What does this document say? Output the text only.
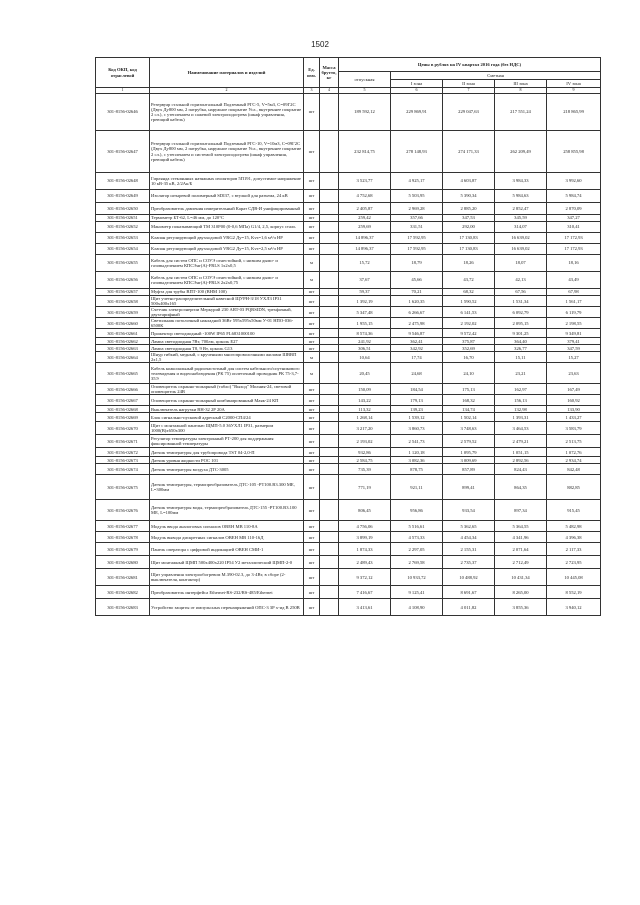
1502
Код ОКП, код отраслевой	Наименование материалов и изделий	Ед. изм.	Масса брутто, кг	Цены в рублях на IV квартал 2016 года (без НДС)				
				отпускная	Сметная			
					I зона	II зона	III зона	IV зона
1	2	3	4	5	6	7	8	9
301-8156-02646	Резервуар стальной горизонтальный Подземный РГС-5, V=5м3, С=09Г2С (Двух Ду800 мм, 2 патрубка, наружное покрытие Усл., внутреннее покрытие 2 сл.), с утеплением и сажевой электроподогрева (шкаф управления, греющий кабель)	шт		189 592,12	229 869,91	229 047,63	217 551,24	218 865,99
301-8156-02647	Резервуар стальной горизонтальный Подземный РГС-10, V=10м3, С=09Г2С (Двух Ду800 мм, 2 патрубка, наружное покрытие Усл., внутреннее покрытие 2 сл.), с утеплением и системой электроподогрева (шкаф управления, греющий кабель)	шт		232 814,75	278 148,93	274 171,33	262 209,49	258 855,98
301-8156-02648	Гирлянда стеклянных натяжных изоляторов 5П191, допустимое напряжение 10 кВ-35 кВ, 2/2Ак/Б	шт		3 523,77	4 925,17	4 603,87	3 984,33	3 992,60
301-8156-02649	Изолятор штыревой полимерный SDI37, с втулкой для разъема, 24 кВ	шт		4 752,68	5 503,95	5 390,34	5 984,63	5 984,74
301-8156-02650	Преобразователь давления измерительный Карат СДВ-И унифицированный	шт		2 405,87	2 969,28	2 885,20	2 852,47	2 870,09
301-8156-02651	Термометр БТ-62, L=46 мм, до 120°С	шт		259,42	357,66	347,53	345,59	347,27
301-8156-02652	Манометр показывающий ТМ 310Р00 (0-0,6 МПа) G1/4, 2,5, корпус сталь	шт		259,69	331,51	292,00	314,07	310,41
301-8156-02653	Клапан регулирующий двухходовой VRG2 Ду=15, Kvs=1,6 м³/ч НР	шт		14 896,37	17 592,95	17 130,83	16 639,02	17 172,93
301-8156-02654	Клапан регулирующий двухходовой VRG2 Ду=15, Kvs=2,5 м³/ч НР	шт		14 896,37	17 592,95	17 130,83	16 639,02	17 172,93
301-8156-02655	Кабель для систем ОПС и СОУЭ огнестойкий, с низким дымо- и газовыделением КПСЭнг(А)-FRLS 1х2х0,5	м		15,72	18,79	18,26	18,07	18,16
301-8156-02656	Кабель для систем ОПС и СОУЭ огнестойкий, с низким дымо- и газовыделением КПСЭнг(А)-FRLS 2х2х0,75	м		37,67	45,66	43,72	42,13	43,49
301-8156-02657	Муфта для трубы ВПТ-100 (ВНМ 100)	шт		59,37	70,21	68,32	67,56	67,98
301-8156-02658	Щит учетно-распределительный навесной ЩУРН-3/18 УХЛ3 IP31 500х400х165	шт		1 392,19	1 620,35	1 590,52	1 531,34	1 561,17
301-8156-02659	Счетчик электроэнергии Меркурий 230 ART-03 PQRSIDN, трехфазный, двухтарифный	шт		5 347,48	6 266,67	6 141,53	6 092,79	6 119,79
301-8156-02660	Светильник потолочный накладной 36Вт 595х595х50мм У-01 НПО-036-6500К	шт		1 955,15	2 475,98	2 192,02	2 095,15	2 198,55
301-8156-02661	Прожектор светодиодный -100W IP65 FL6831000100	шт		8 574,36	9 546,87	9 572,42	9 301,25	9 349,81
301-8156-02662	Лампа светодиодная 7Вт, 700лм, цоколь E27	шт		241,92	362,41	375,87	364,40	379,41
301-8156-02663	Лампа светодиодная T8, 9 Вт, цоколь G13	шт		306,51	342,92	352,69	326,77	347,59
301-8156-02664	Шнур гибкий, медный, с кручеными многопроволочными жилами ШВВП 2х1,5	м		10,64	17,74	16,70	15,11	15,27
301-8156-02665	Кабель коаксиальный радиочастотный для систем кабельного/спутникового телевидения и видеонаблюдения (РК 75) оплеточный проводник РК 75-3,7-35Э	м		20,45	24,68	24,10	23,21	23,63
301-8156-02666	Оповещатель охранно-пожарный (табло) "Выход" Молния-24, световой оповещатель 24В	шт		150,09	184,54	175,13	162,97	167,49
301-8156-02667	Оповещатель охранно-пожарный комбинированный Маяк-24 КП	шт		143,22	179,13	168,32	156,13	160,92
301-8156-02668	Выключатель нагрузки ВН-32 2Р 20А	шт		113,32	139,23	134,74	132,98	133,90
301-8156-02669	Блок сигнально-пусковой адресный С2000-СП4/24	шт		1 268,14	1 539,12	1 502,14	1 393,31	1 433,27
301-8156-02670	Щит с монтажной панелью ЩМП-5.0 36УХЛ1 IP31, размером 1000(В)х650х300	шт		3 217,20	3 860,73	3 748,63	3 464,53	3 583,79
301-8156-02671	Регулятор температуры электронный РТ-200 для поддержания фиксированной температуры	шт		2 193,02	2 541,73	2 579,52	2 479,21	2 513,75
301-8156-02672	Датчик температуры для трубопровода TST 04-2,0-П	шт		932,86	1 120,18	1 095,79	1 051,15	1 072,76
301-8156-02673	Датчик уровня жидкости РОС 101	шт		2 584,75	3 082,36	3 009,69	2 892,56	2 934,74
301-8156-02674	Датчик температуры воздуха ДТС-3005	шт		735,39	878,75	857,89	824,43	842,48
301-8156-02675	Датчик температуры, термопреобразователь ДТС-105 -РТ100.В3.300 МЕ, L=300мм	шт		771,19	921,11	899,41	864,35	882,85
301-8156-02676	Датчик температуры воды, термопреобразователь ДТС-155 -РТ100.В3.100 МЕ, L=100мм	шт		806,45	956,86	933,54	897,34	915,45
301-8156-02677	Модуль ввода аналоговых сигналов ОВЕН МВ 110-8А	шт		4 756,06	5 516,61	5 362,65	5 364,55	5 482,98
301-8156-02678	Модуль вывода дискретных сигналов ОВЕН МВ 110-16Д	шт		3 899,19	4 573,33	4 454,34	4 341,96	4 396,38
301-8156-02679	Панель оператора с цифровой индикацией ОВЕН СМИ-1	шт		1 874,33	2 297,05	2 155,31	2 071,64	2 117,33
301-8156-02680	Щит монтажный ЩМП 500х400х220 IP54 У2 металлический ЩМП-2-0	шт		2 489,43	2 769,58	2 735,37	2 712,49	2 723,95
301-8156-02681	Щит управления электрообогревом М.390-02.3, до 3·4Вт, в сборе (2-выключателя, контактор)	шт		9 372,12	10 933,72	10 488,92	10 431,34	10 445,08
301-8156-02682	Преобразователь интерфейса Ethernet-RS-232/RS-485/Ethernet	шт		7 416,67	9 125,41	8 691,67	8 265,00	8 552,19
301-8156-02683	Устройство защиты от импульсных перенапряжений ОПС-3 3Р x-ид В 250В	шт		3 413,61	4 108,90	4 011,82	3 855,36	3 940,12
